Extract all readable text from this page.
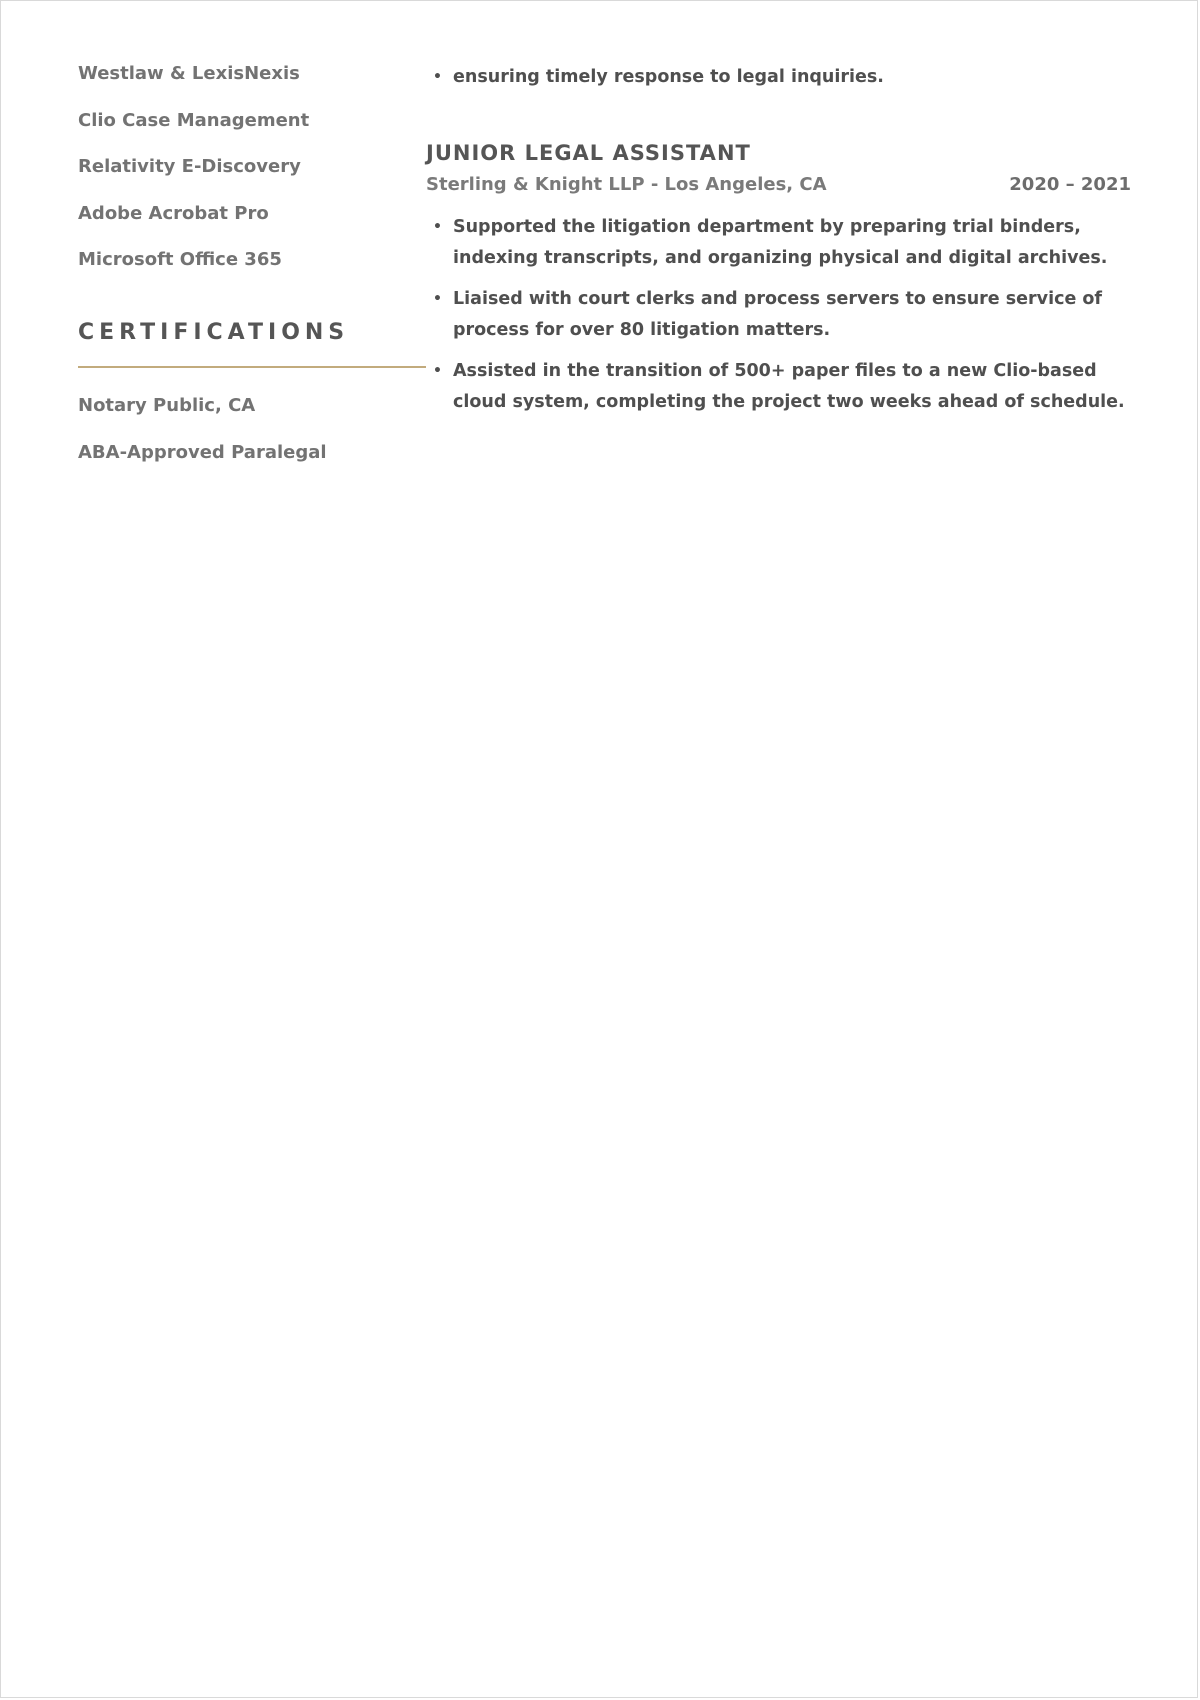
Westlaw & LexisNexis
Clio Case Management
Relativity E-Discovery
Adobe Acrobat Pro
Microsoft Office 365
CERTIFICATIONS
Notary Public, CA
ABA-Approved Paralegal
• ensuring timely response to legal inquiries.
JUNIOR LEGAL ASSISTANT
Sterling & Knight LLP - Los Angeles, CA	2020 – 2021
• Supported the litigation department by preparing trial binders, indexing transcripts, and organizing physical and digital archives.
• Liaised with court clerks and process servers to ensure service of process for over 80 litigation matters.
• Assisted in the transition of 500+ paper files to a new Clio-based cloud system, completing the project two weeks ahead of schedule.
